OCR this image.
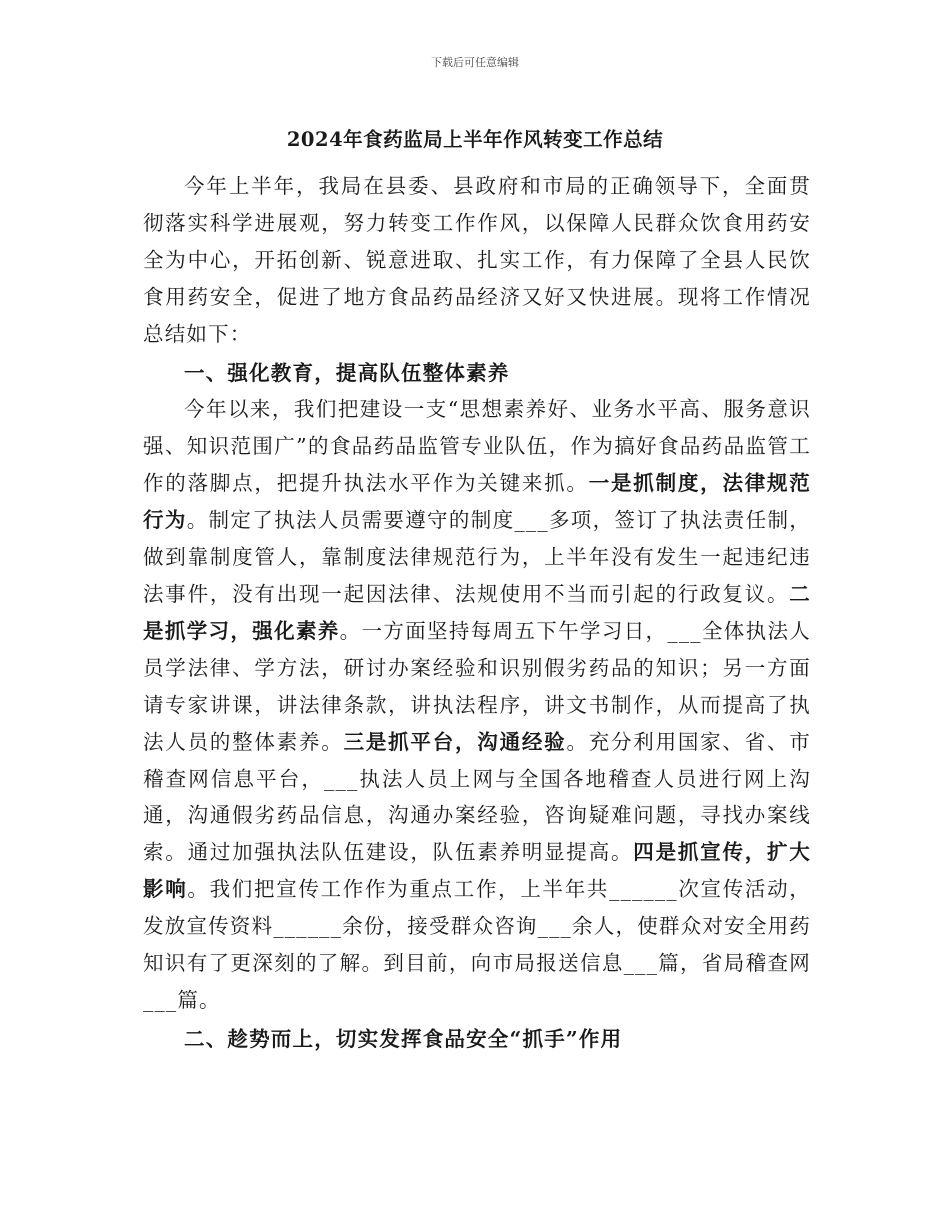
下载后可任意编辑
2024年食药监局上半年作风转变工作总结

今年上半年，我局在县委、县政府和市局的正确领导下，全面贯彻落实科学进展观，努力转变工作作风，以保障人民群众饮食用药安全为中心，开拓创新、锐意进取、扎实工作，有力保障了全县人民饮食用药安全，促进了地方食品药品经济又好又快进展。现将工作情况总结如下：

一、强化教育，提高队伍整体素养

今年以来，我们把建设一支“思想素养好、业务水平高、服务意识强、知识范围广”的食品药品监管专业队伍，作为搞好食品药品监管工作的落脚点，把提升执法水平作为关键来抓。一是抓制度，法律规范行为。制定了执法人员需要遵守的制度___多项，签订了执法责任制，做到靠制度管人，靠制度法律规范行为，上半年没有发生一起违纪违法事件，没有出现一起因法律、法规使用不当而引起的行政复议。二是抓学习，强化素养。一方面坚持每周五下午学习日，___全体执法人员学法律、学方法，研讨办案经验和识别假劣药品的知识；另一方面请专家讲课，讲法律条款，讲执法程序，讲文书制作，从而提高了执法人员的整体素养。三是抓平台，沟通经验。充分利用国家、省、市稽查网信息平台，___执法人员上网与全国各地稽查人员进行网上沟通，沟通假劣药品信息，沟通办案经验，咨询疑难问题，寻找办案线索。通过加强执法队伍建设，队伍素养明显提高。四是抓宣传，扩大影响。我们把宣传工作作为重点工作，上半年共______次宣传活动，发放宣传资料______余份，接受群众咨询___余人，使群众对安全用药知识有了更深刻的了解。到目前，向市局报送信息___篇，省局稽查网___篇。

二、趁势而上，切实发挥食品安全“抓手”作用
